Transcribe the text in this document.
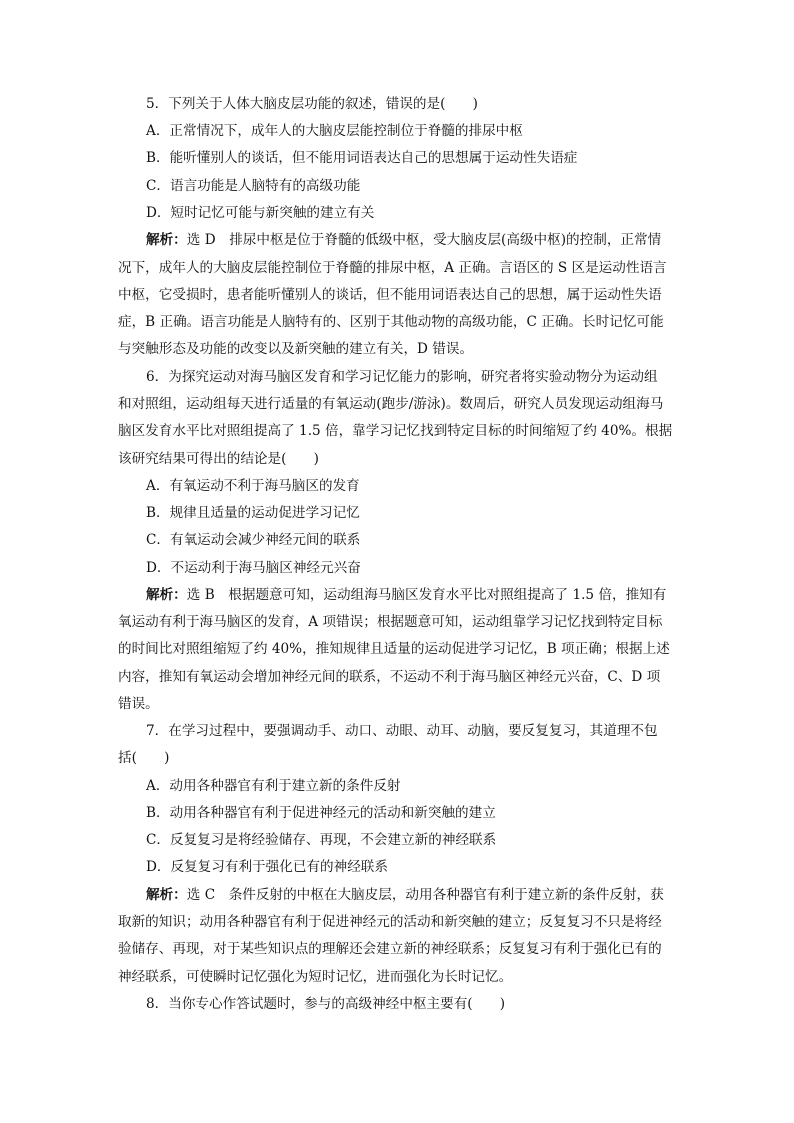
5．下列关于人体大脑皮层功能的叙述，错误的是(　　)
A．正常情况下，成年人的大脑皮层能控制位于脊髓的排尿中枢
B．能听懂别人的谈话，但不能用词语表达自己的思想属于运动性失语症
C．语言功能是人脑特有的高级功能
D．短时记忆可能与新突触的建立有关
解析：选 D　排尿中枢是位于脊髓的低级中枢，受大脑皮层(高级中枢)的控制，正常情
况下，成年人的大脑皮层能控制位于脊髓的排尿中枢，A 正确。言语区的 S 区是运动性语言
中枢，它受损时，患者能听懂别人的谈话，但不能用词语表达自己的思想，属于运动性失语
症，B 正确。语言功能是人脑特有的、区别于其他动物的高级功能，C 正确。长时记忆可能
与突触形态及功能的改变以及新突触的建立有关，D 错误。
6．为探究运动对海马脑区发育和学习记忆能力的影响，研究者将实验动物分为运动组
和对照组，运动组每天进行适量的有氧运动(跑步/游泳)。数周后，研究人员发现运动组海马
脑区发育水平比对照组提高了 1.5 倍，靠学习记忆找到特定目标的时间缩短了约 40%。根据
该研究结果可得出的结论是(　　)
A．有氧运动不利于海马脑区的发育
B．规律且适量的运动促进学习记忆
C．有氧运动会减少神经元间的联系
D．不运动利于海马脑区神经元兴奋
解析：选 B　根据题意可知，运动组海马脑区发育水平比对照组提高了 1.5 倍，推知有
氧运动有利于海马脑区的发育，A 项错误；根据题意可知，运动组靠学习记忆找到特定目标
的时间比对照组缩短了约 40%，推知规律且适量的运动促进学习记忆，B 项正确；根据上述
内容，推知有氧运动会增加神经元间的联系，不运动不利于海马脑区神经元兴奋，C、D 项
错误。
7．在学习过程中，要强调动手、动口、动眼、动耳、动脑，要反复复习，其道理不包
括(　　)
A．动用各种器官有利于建立新的条件反射
B．动用各种器官有利于促进神经元的活动和新突触的建立
C．反复复习是将经验储存、再现，不会建立新的神经联系
D．反复复习有利于强化已有的神经联系
解析：选 C　条件反射的中枢在大脑皮层，动用各种器官有利于建立新的条件反射，获
取新的知识；动用各种器官有利于促进神经元的活动和新突触的建立；反复复习不只是将经
验储存、再现，对于某些知识点的理解还会建立新的神经联系；反复复习有利于强化已有的
神经联系，可使瞬时记忆强化为短时记忆，进而强化为长时记忆。
8．当你专心作答试题时，参与的高级神经中枢主要有(　　)
